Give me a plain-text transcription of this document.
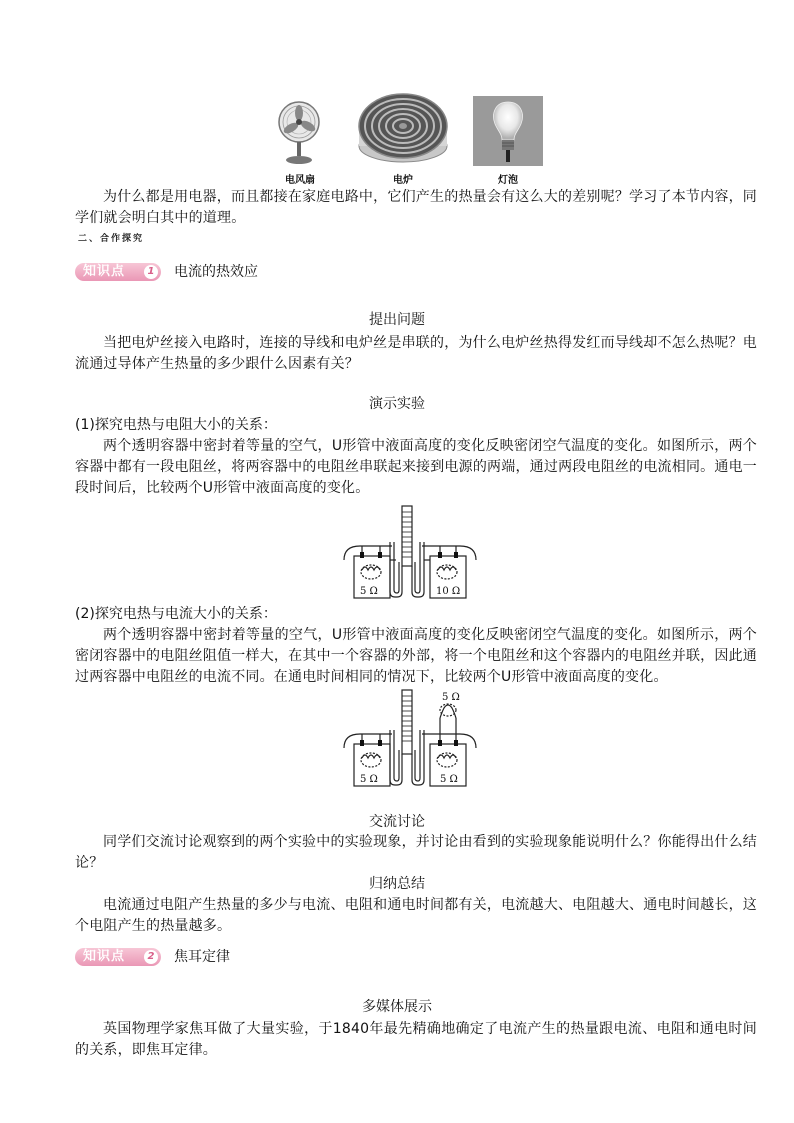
电风扇	电炉	灯泡
为什么都是用电器，而且都接在家庭电路中，它们产生的热量会有这么大的差别呢？学习了本节内容，同学们就会明白其中的道理。
二、合作探究
知识点	1 电流的热效应
提出问题
当把电炉丝接入电路时，连接的导线和电炉丝是串联的，为什么电炉丝热得发红而导线却不怎么热呢？电流通过导体产生热量的多少跟什么因素有关？
演示实验
(1)探究电热与电阻大小的关系：
两个透明容器中密封着等量的空气，U形管中液面高度的变化反映密闭空气温度的变化。如图所示，两个容器中都有一段电阻丝，将两容器中的电阻丝串联起来接到电源的两端，通过两段电阻丝的电流相同。通电一段时间后，比较两个U形管中液面高度的变化。
5 Ω	10 Ω
(2)探究电热与电流大小的关系：
两个透明容器中密封着等量的空气，U形管中液面高度的变化反映密闭空气温度的变化。如图所示，两个密闭容器中的电阻丝阻值一样大，在其中一个容器的外部，将一个电阻丝和这个容器内的电阻丝并联，因此通过两容器中电阻丝的电流不同。在通电时间相同的情况下，比较两个U形管中液面高度的变化。
5 Ω	5 Ω
5 Ω
交流讨论
同学们交流讨论观察到的两个实验中的实验现象，并讨论由看到的实验现象能说明什么？你能得出什么结论？
归纳总结
电流通过电阻产生热量的多少与电流、电阻和通电时间都有关，电流越大、电阻越大、通电时间越长，这个电阻产生的热量越多。
知识点	2 焦耳定律
多媒体展示
英国物理学家焦耳做了大量实验，于1840年最先精确地确定了电流产生的热量跟电流、电阻和通电时间的关系，即焦耳定律。
